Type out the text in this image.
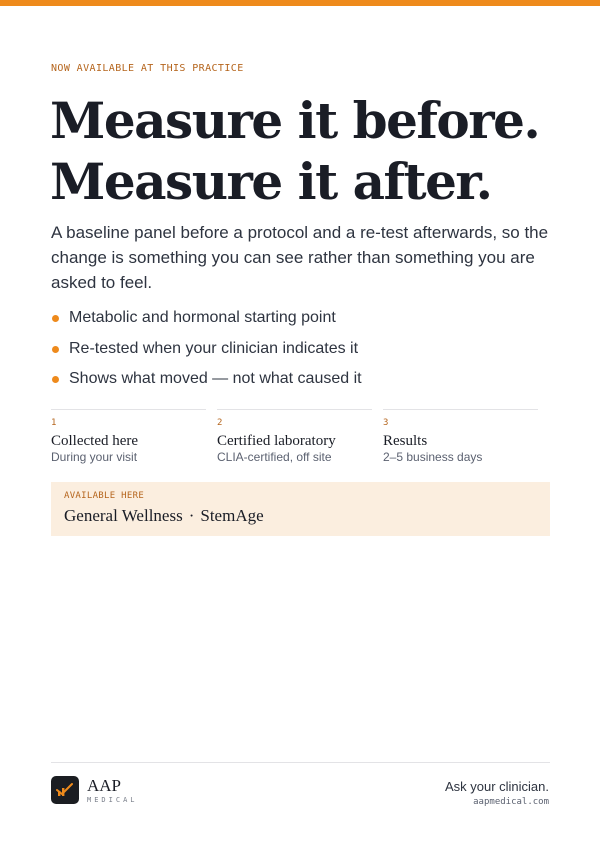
NOW AVAILABLE AT THIS PRACTICE
Measure it before.
Measure it after.

A baseline panel before a protocol and a re-test afterwards, so the change is something you can see rather than something you are asked to feel.

Metabolic and hormonal starting point
Re-tested when your clinician indicates it
Shows what moved — not what caused it
1
Collected here
During your visit
2
Certified laboratory
CLIA-certified, off site
3
Results
2–5 business days
AVAILABLE HERE
General Wellness · StemAge
AAP
MEDICAL
Ask your clinician.
aapmedical.com
